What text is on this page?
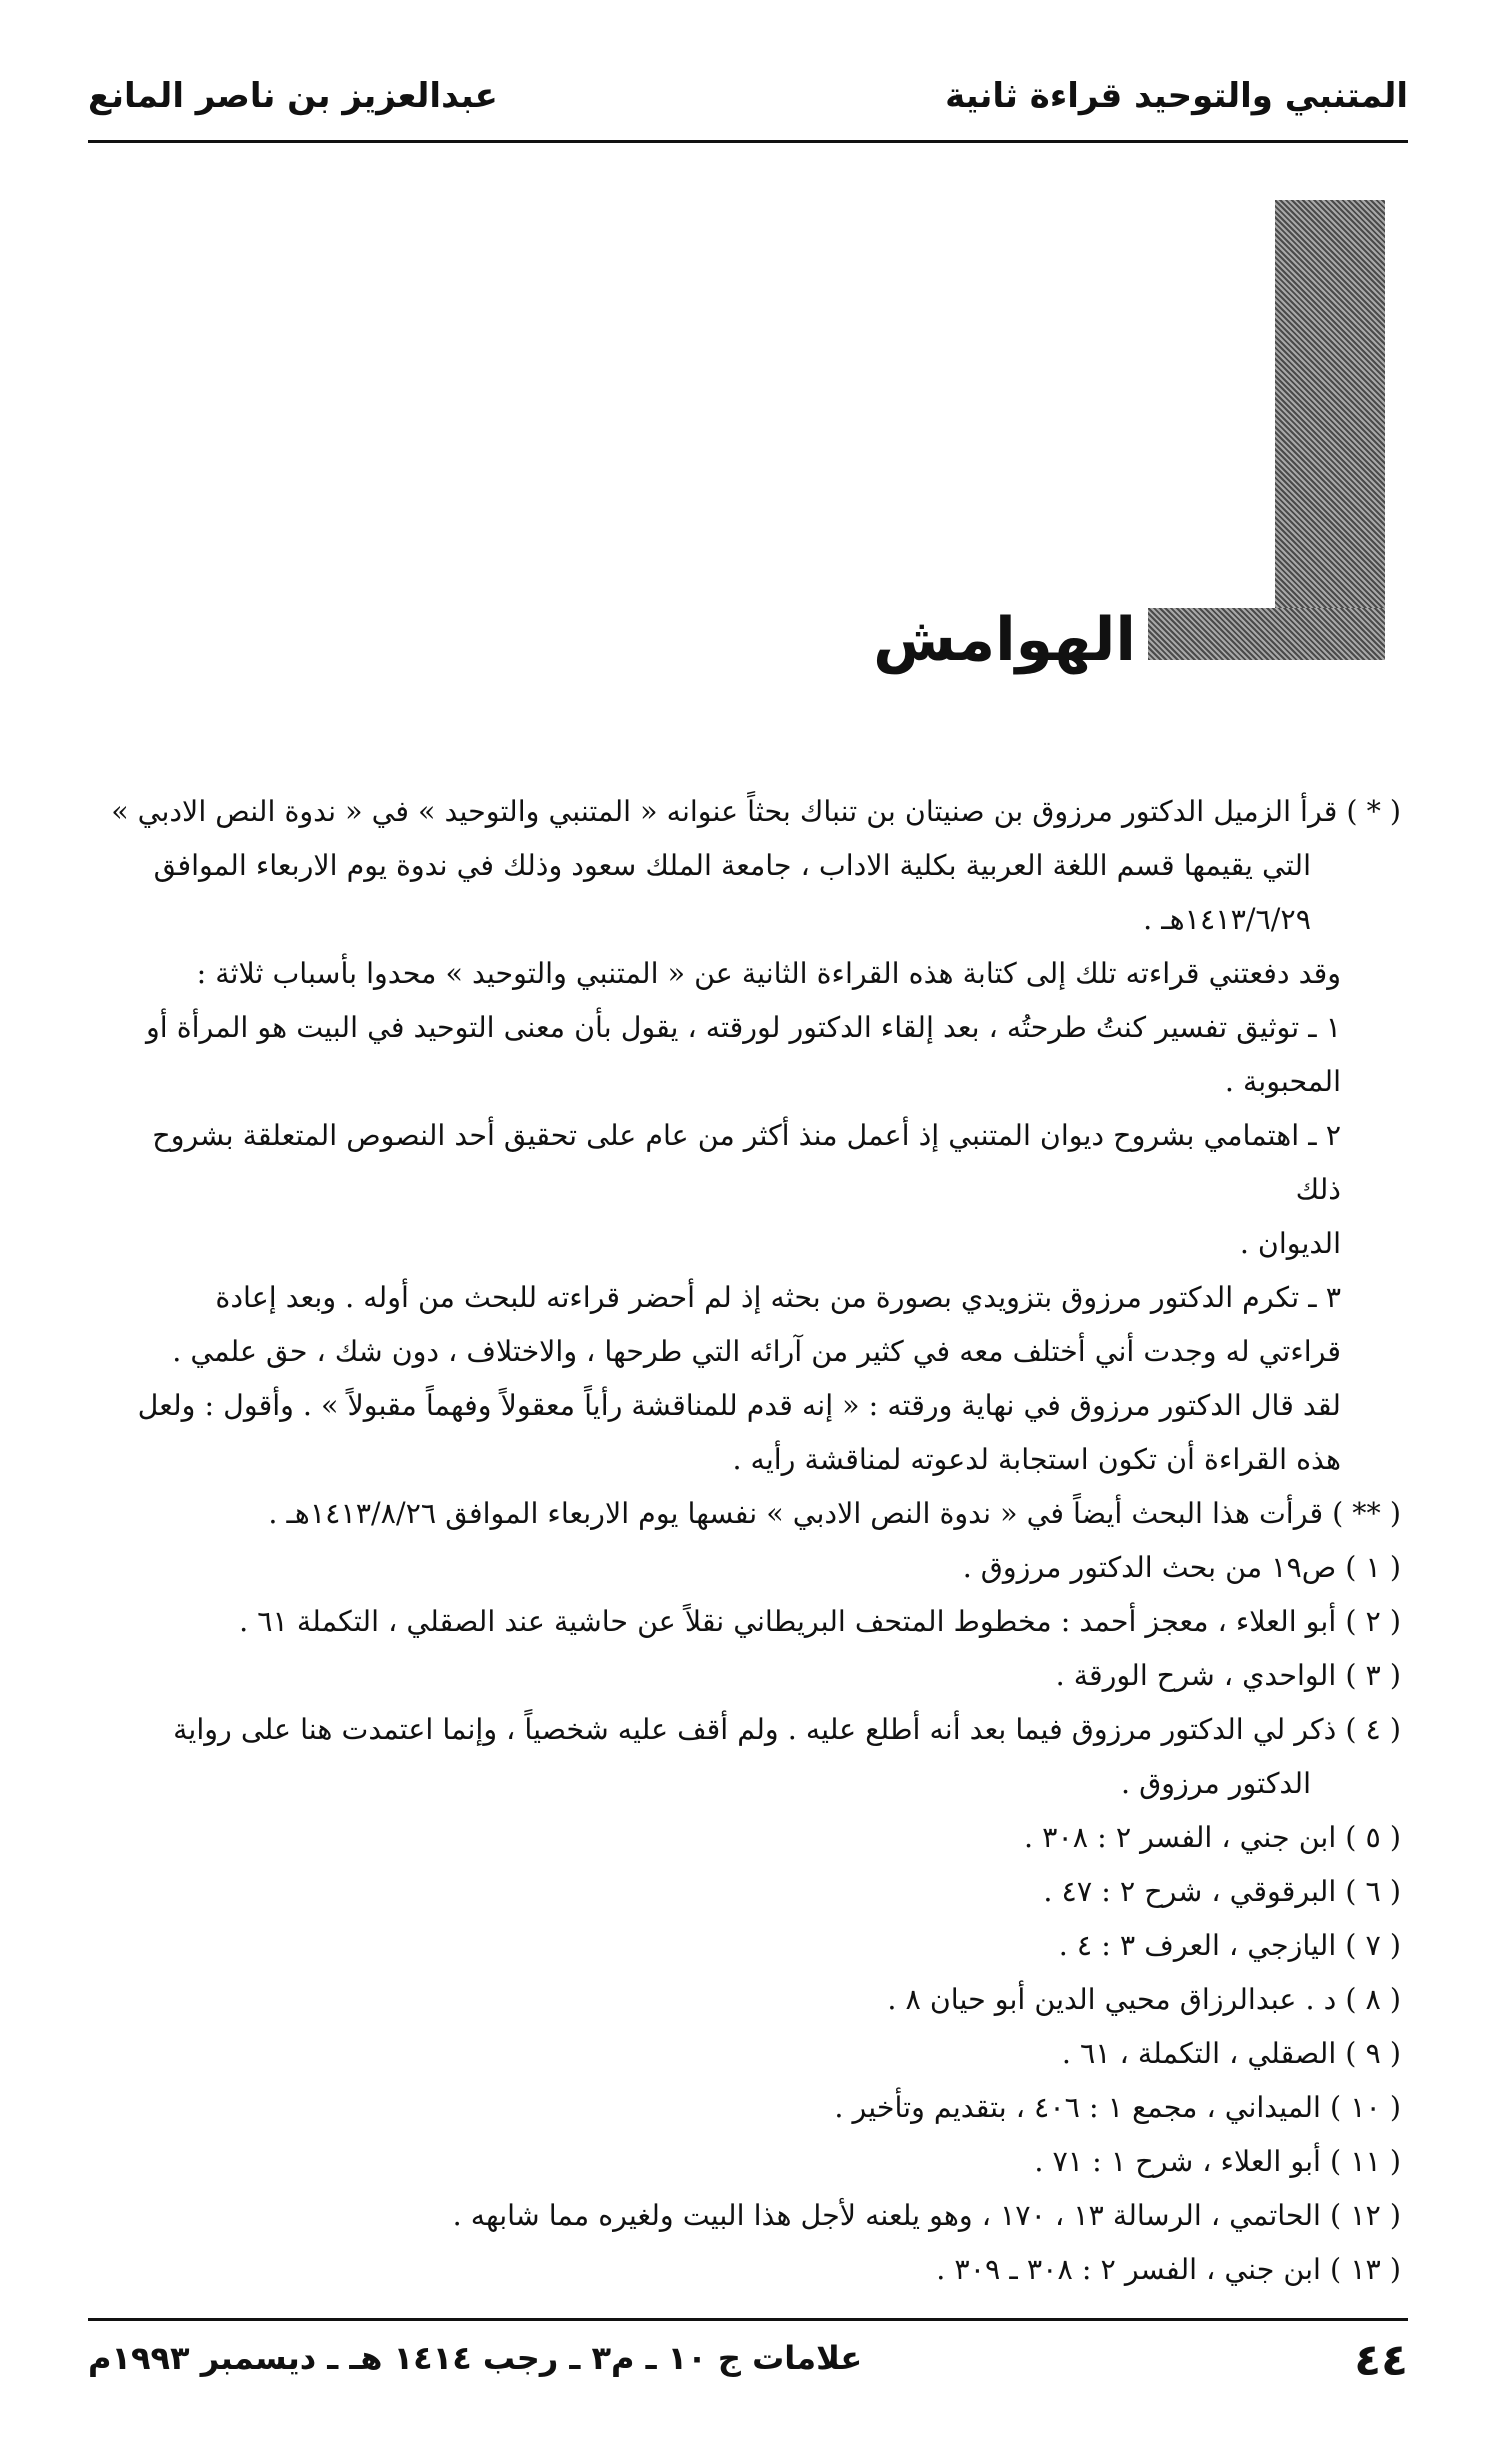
المتنبي والتوحيد قراءة ثانية
عبدالعزيز بن ناصر المانع
الهوامش

( * ) قرأ الزميل الدكتور مرزوق بن صنيتان بن تنباك بحثاً عنوانه « المتنبي والتوحيد » في « ندوة النص الادبي »

التي يقيمها قسم اللغة العربية بكلية الاداب ، جامعة الملك سعود وذلك في ندوة يوم الاربعاء الموافق

١٤١٣/٦/٢٩هـ .

وقد دفعتني قراءته تلك إلى كتابة هذه القراءة الثانية عن « المتنبي والتوحيد » محدوا بأسباب ثلاثة :

١ ـ توثيق تفسير كنتُ طرحتُه ، بعد إلقاء الدكتور لورقته ، يقول بأن معنى التوحيد في البيت هو المرأة أو

المحبوبة .

٢ ـ اهتمامي بشروح ديوان المتنبي إذ أعمل منذ أكثر من عام على تحقيق أحد النصوص المتعلقة بشروح ذلك

الديوان .

٣ ـ تكرم الدكتور مرزوق بتزويدي بصورة من بحثه إذ لم أحضر قراءته للبحث من أوله . وبعد إعادة

قراءتي له وجدت أني أختلف معه في كثير من آرائه التي طرحها ، والاختلاف ، دون شك ، حق علمي .

لقد قال الدكتور مرزوق في نهاية ورقته : « إنه قدم للمناقشة رأياً معقولاً وفهماً مقبولاً » . وأقول : ولعل

هذه القراءة أن تكون استجابة لدعوته لمناقشة رأيه .

( ** ) قرأت هذا البحث أيضاً في « ندوة النص الادبي » نفسها يوم الاربعاء الموافق ١٤١٣/٨/٢٦هـ .

( ١ ) ص١٩ من بحث الدكتور مرزوق .

( ٢ ) أبو العلاء ، معجز أحمد : مخطوط المتحف البريطاني نقلاً عن حاشية عند الصقلي ، التكملة ٦١ .

( ٣ ) الواحدي ، شرح الورقة .

( ٤ ) ذكر لي الدكتور مرزوق فيما بعد أنه أطلع عليه . ولم أقف عليه شخصياً ، وإنما اعتمدت هنا على رواية

الدكتور مرزوق .

( ٥ ) ابن جني ، الفسر ٢ : ٣٠٨ .

( ٦ ) البرقوقي ، شرح ٢ : ٤٧ .

( ٧ ) اليازجي ، العرف ٣ : ٤ .

( ٨ ) د . عبدالرزاق محيي الدين أبو حيان ٨ .

( ٩ ) الصقلي ، التكملة ، ٦١ .

( ١٠ ) الميداني ، مجمع ١ : ٤٠٦ ، بتقديم وتأخير .

( ١١ ) أبو العلاء ، شرح ١ : ٧١ .

( ١٢ ) الحاتمي ، الرسالة ١٣ ، ١٧٠ ، وهو يلعنه لأجل هذا البيت ولغيره مما شابهه .

( ١٣ ) ابن جني ، الفسر ٢ : ٣٠٨ ـ ٣٠٩ .

٤٤
علامات ج ١٠ ـ م٣ ـ رجب ١٤١٤ هـ ـ ديسمبر ١٩٩٣م
